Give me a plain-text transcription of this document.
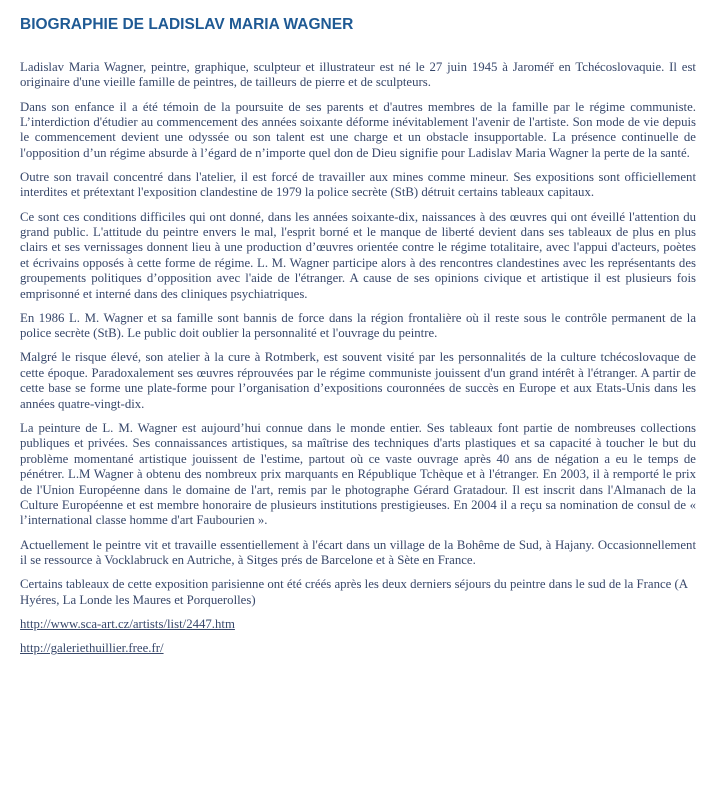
BIOGRAPHIE DE LADISLAV MARIA WAGNER

Ladislav Maria Wagner, peintre, graphique, sculpteur et illustrateur est né le 27 juin 1945 à Jaroméř en Tchécoslovaquie. Il est originaire d'une vieille famille de peintres, de tailleurs de pierre et de sculpteurs.

Dans son enfance il a été témoin de la poursuite de ses parents et d'autres membres de la famille par le régime communiste. L’interdiction d'étudier au commencement des années soixante déforme inévitablement l'avenir de l'artiste. Son mode de vie depuis le commencement devient une odyssée ou son talent est une charge et un obstacle insupportable. La présence continuelle de l'opposition d’un régime absurde à l’égard de n’importe quel don de Dieu signifie pour Ladislav Maria Wagner la perte de la santé.

Outre son travail concentré dans l'atelier, il est forcé de travailler aux mines comme mineur. Ses expositions sont officiellement interdites et prétextant l'exposition clandestine de 1979 la police secrète (StB) détruit certains tableaux capitaux.

Ce sont ces conditions difficiles qui ont donné, dans les années soixante-dix, naissances à des œuvres qui ont éveillé l'attention du grand public. L'attitude du peintre envers le mal, l'esprit borné et le manque de liberté devient dans ses tableaux de plus en plus clairs et ses vernissages donnent lieu à une production d’œuvres orientée contre le régime totalitaire, avec l'appui d'acteurs, poètes et écrivains opposés à cette forme de régime. L. M. Wagner participe alors à des rencontres clandestines avec les représentants des groupements politiques d’opposition avec l'aide de l'étranger. A cause de ses opinions civique et artistique il est plusieurs fois emprisonné et interné dans des cliniques psychiatriques.

En 1986 L. M. Wagner et sa famille sont bannis de force dans la région frontalière où il reste sous le contrôle permanent de la police secrète (StB). Le public doit oublier la personnalité et l'ouvrage du peintre.

Malgré le risque élevé, son atelier à la cure à Rotmberk, est souvent visité par les personnalités de la culture tchécoslovaque de cette époque. Paradoxalement ses œuvres réprouvées par le régime communiste jouissent d'un grand intérêt à l'étranger. A partir de cette base se forme une plate-forme pour l’organisation d’expositions couronnées de succès en Europe et aux Etats-Unis dans les années quatre-vingt-dix.

La peinture de L. M. Wagner est aujourd’hui connue dans le monde entier. Ses tableaux font partie de nombreuses collections publiques et privées. Ses connaissances artistiques, sa maîtrise des techniques d'arts plastiques et sa capacité à toucher le but du problème momentané artistique jouissent de l'estime, partout où ce vaste ouvrage après 40 ans de négation a eu le temps de pénétrer. L.M Wagner à obtenu des nombreux prix marquants en République Tchèque et à l'étranger. En 2003, il à remporté le prix de l'Union Européenne dans le domaine de l'art, remis par le photographe Gérard Gratadour. Il est inscrit dans l'Almanach de la Culture Européenne et est membre honoraire de plusieurs institutions prestigieuses. En 2004 il a reçu sa nomination de consul de « l’international classe homme d'art Faubourien ».

Actuellement le peintre vit et travaille essentiellement à l'écart dans un village de la Bohême de Sud, à Hajany. Occasionnellement il se ressource à Vocklabruck en Autriche, à Sitges prés de Barcelone et à Sète en France.

Certains tableaux de cette exposition parisienne ont été créés après les deux derniers séjours du peintre dans le sud de la France (A Hyéres, La Londe les Maures et Porquerolles)

http://www.sca-art.cz/artists/list/2447.htm

http://galeriethuillier.free.fr/
